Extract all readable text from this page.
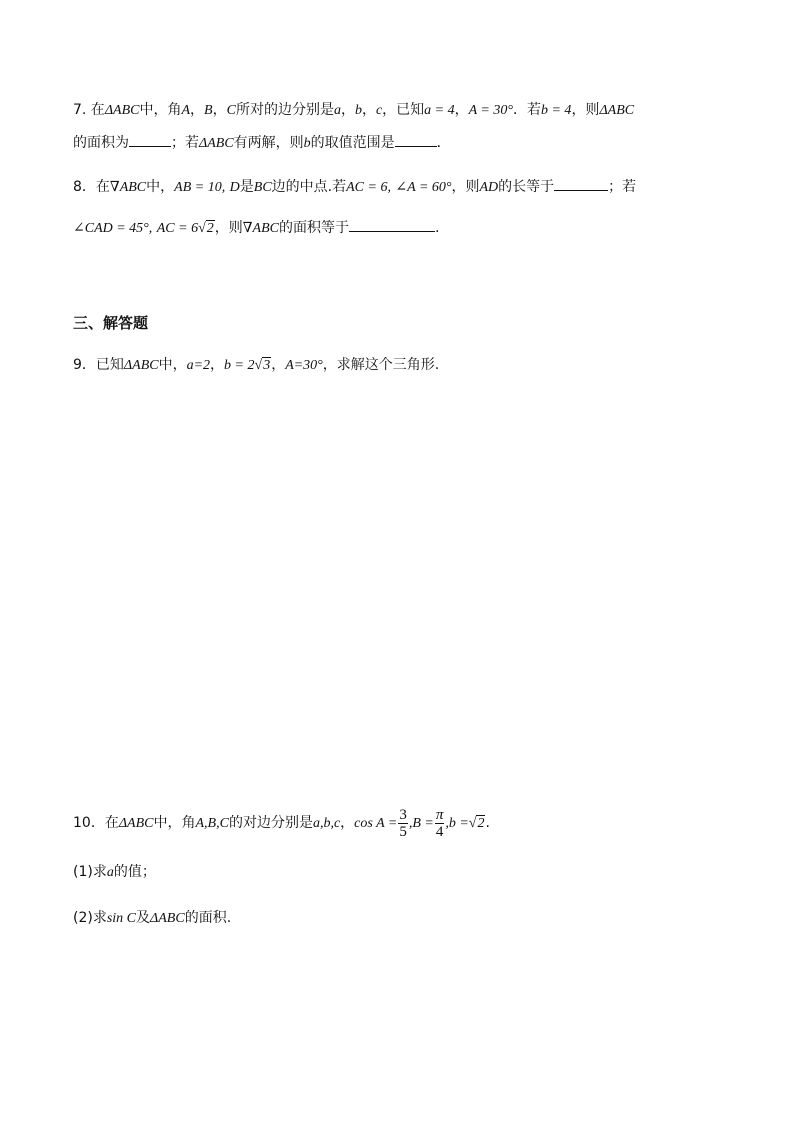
7. 在ΔABC中，角A，B，C所对的边分别是a，b，c，已知a = 4，A = 30°．若b = 4，则ΔABC
的面积为	；若ΔABC有两解，则b的取值范围是	．
8．在∇ABC中，AB = 10, D是BC边的中点.若AC = 6, ∠A = 60°，则AD的长等于	；若
∠CAD = 45°, AC = 6√2，则∇ABC的面积等于	.
三、解答题
9．已知ΔABC中，a=2，b = 2√3，A=30°，求解这个三角形.
10．在ΔABC中，角A,B,C的对边分别是a,b,c，$\cos A = \frac{3}{5} ,B = \frac{\pi}{4} ,b =√2$.
(1)求a的值；
(2)求sin C及ΔABC的面积.
